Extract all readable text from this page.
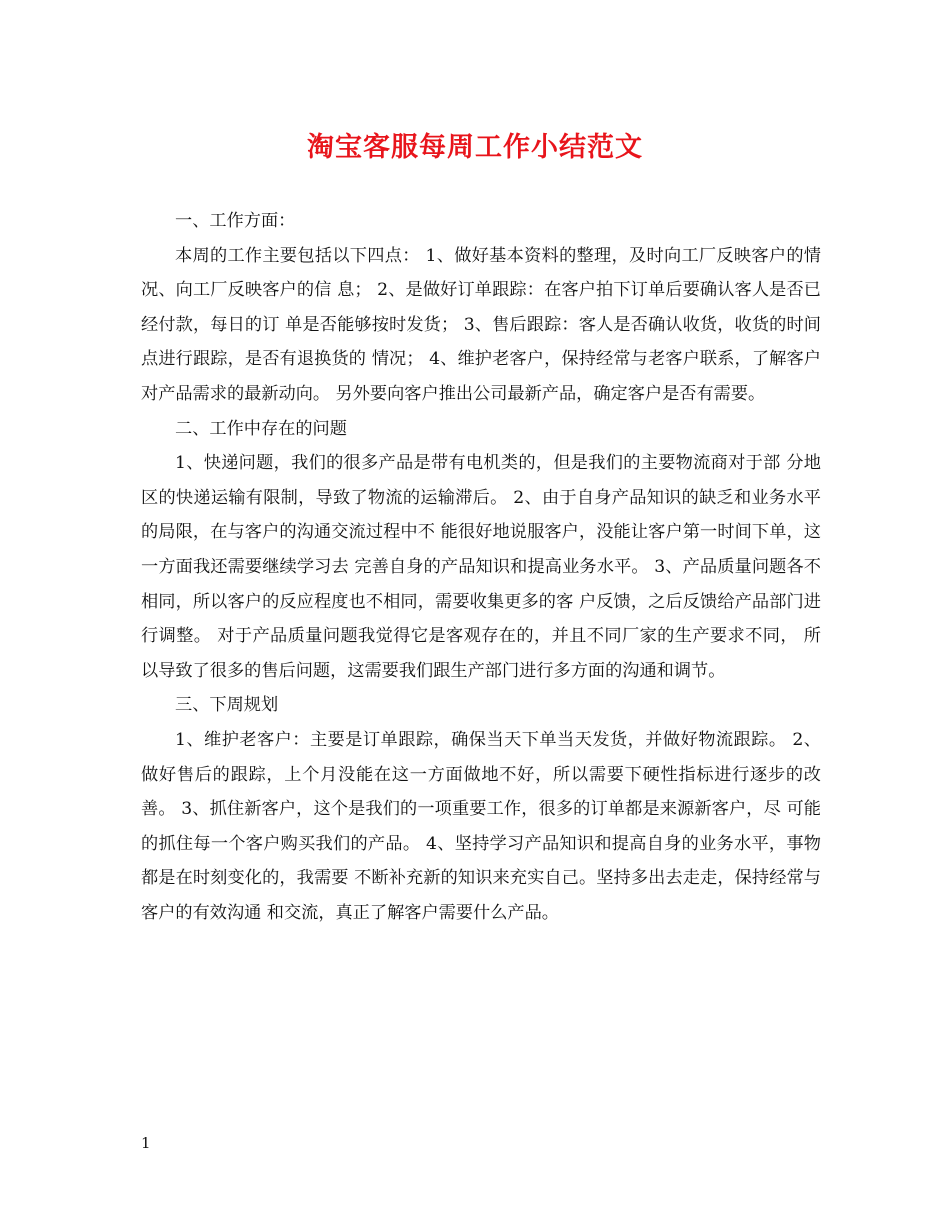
淘宝客服每周工作小结范文

一、工作方面：

本周的工作主要包括以下四点： 1、做好基本资料的整理，及时向工厂反映客户的情况、向工厂反映客户的信 息； 2、是做好订单跟踪：在客户拍下订单后要确认客人是否已经付款，每日的订 单是否能够按时发货； 3、售后跟踪：客人是否确认收货，收货的时间点进行跟踪，是否有退换货的 情况； 4、维护老客户，保持经常与老客户联系，了解客户对产品需求的最新动向。 另外要向客户推出公司最新产品，确定客户是否有需要。

二、工作中存在的问题

1、快递问题，我们的很多产品是带有电机类的，但是我们的主要物流商对于部 分地区的快递运输有限制，导致了物流的运输滞后。 2、由于自身产品知识的缺乏和业务水平的局限，在与客户的沟通交流过程中不 能很好地说服客户，没能让客户第一时间下单，这一方面我还需要继续学习去 完善自身的产品知识和提高业务水平。 3、产品质量问题各不相同，所以客户的反应程度也不相同，需要收集更多的客 户反馈，之后反馈给产品部门进行调整。 对于产品质量问题我觉得它是客观存在的，并且不同厂家的生产要求不同， 所以导致了很多的售后问题，这需要我们跟生产部门进行多方面的沟通和调节。

三、下周规划

1、维护老客户：主要是订单跟踪，确保当天下单当天发货，并做好物流跟踪。 2、做好售后的跟踪，上个月没能在这一方面做地不好，所以需要下硬性指标进行逐步的改善。 3、抓住新客户，这个是我们的一项重要工作，很多的订单都是来源新客户，尽 可能的抓住每一个客户购买我们的产品。 4、坚持学习产品知识和提高自身的业务水平，事物都是在时刻变化的，我需要 不断补充新的知识来充实自己。坚持多出去走走，保持经常与客户的有效沟通 和交流，真正了解客户需要什么产品。

1
